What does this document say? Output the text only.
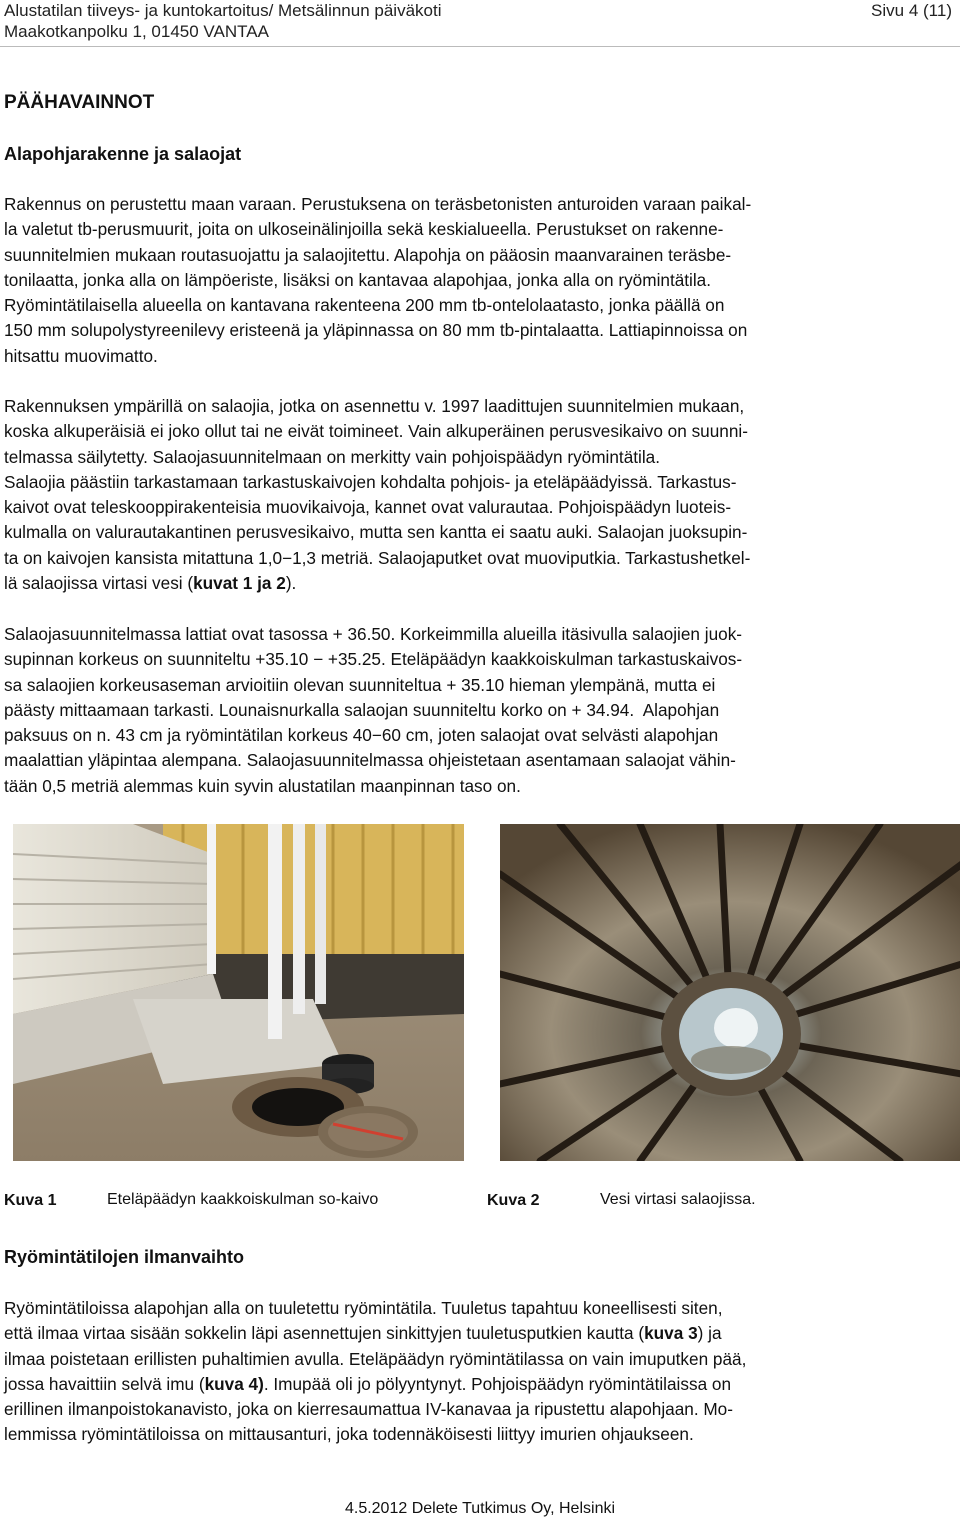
Alustatilan tiiveys- ja kuntokartoitus/ Metsälinnun päiväkoti
Maakotkanpolku 1, 01450 VANTAA
Sivu 4 (11)
PÄÄHAVAINNOT
Alapohjarakenne ja salaojat
Rakennus on perustettu maan varaan. Perustuksena on teräsbetonisten anturoiden varaan paikal-
la valetut tb-perusmuurit, joita on ulkoseinälinjoilla sekä keskialueella. Perustukset on rakenne-
suunnitelmien mukaan routasuojattu ja salaojitettu. Alapohja on pääosin maanvarainen teräsbe-
tonilaatta, jonka alla on lämpöeriste, lisäksi on kantavaa alapohjaa, jonka alla on ryömintätila.
Ryömintätilaisella alueella on kantavana rakenteena 200 mm tb-ontelolaatasto, jonka päällä on
150 mm solupolystyreenilevy eristeenä ja yläpinnassa on 80 mm tb-pintalaatta. Lattiapinnoissa on
hitsattu muovimatto.
Rakennuksen ympärillä on salaojia, jotka on asennettu v. 1997 laadittujen suunnitelmien mukaan,
koska alkuperäisiä ei joko ollut tai ne eivät toimineet. Vain alkuperäinen perusvesikaivo on suunni-
telmassa säilytetty. Salaojasuunnitelmaan on merkitty vain pohjoispäädyn ryömintätila.
Salaojia päästiin tarkastamaan tarkastuskaivojen kohdalta pohjois- ja eteläpäädyissä. Tarkastus-
kaivot ovat teleskooppirakenteisia muovikaivoja, kannet ovat valurautaa. Pohjoispäädyn luoteis-
kulmalla on valurautakantinen perusvesikaivo, mutta sen kantta ei saatu auki. Salaojan juoksupin-
ta on kaivojen kansista mitattuna 1,0−1,3 metriä. Salaojaputket ovat muoviputkia. Tarkastushetkel-
lä salaojissa virtasi vesi (kuvat 1 ja 2).
Salaojasuunnitelmassa lattiat ovat tasossa + 36.50. Korkeimmilla alueilla itäsivulla salaojien juok-
supinnan korkeus on suunniteltu +35.10 − +35.25. Eteläpäädyn kaakkoiskulman tarkastuskaivos-
sa salaojien korkeusaseman arvioitiin olevan suunniteltua + 35.10 hieman ylempänä, mutta ei
päästy mittaamaan tarkasti. Lounaisnurkalla salaojan suunniteltu korko on + 34.94.  Alapohjan
paksuus on n. 43 cm ja ryömintätilan korkeus 40−60 cm, joten salaojat ovat selvästi alapohjan
maalattian yläpintaa alempana. Salaojasuunnitelmassa ohjeistetaan asentamaan salaojat vähin-
tään 0,5 metriä alemmas kuin syvin alustatilan maanpinnan taso on.
Kuva 1	Eteläpäädyn kaakkoiskulman so-kaivo	Kuva 2	Vesi virtasi salaojissa.
Ryömintätilojen ilmanvaihto
Ryömintätiloissa alapohjan alla on tuuletettu ryömintätila. Tuuletus tapahtuu koneellisesti siten,
että ilmaa virtaa sisään sokkelin läpi asennettujen sinkittyjen tuuletusputkien kautta (kuva 3) ja
ilmaa poistetaan erillisten puhaltimien avulla. Eteläpäädyn ryömintätilassa on vain imuputken pää,
jossa havaittiin selvä imu (kuva 4). Imupää oli jo pölyyntynyt. Pohjoispäädyn ryömintätilaissa on
erillinen ilmanpoistokanavisto, joka on kierresaumattua IV-kanavaa ja ripustettu alapohjaan. Mo-
lemmissa ryömintätiloissa on mittausanturi, joka todennäköisesti liittyy imurien ohjaukseen.
4.5.2012 Delete Tutkimus Oy, Helsinki
